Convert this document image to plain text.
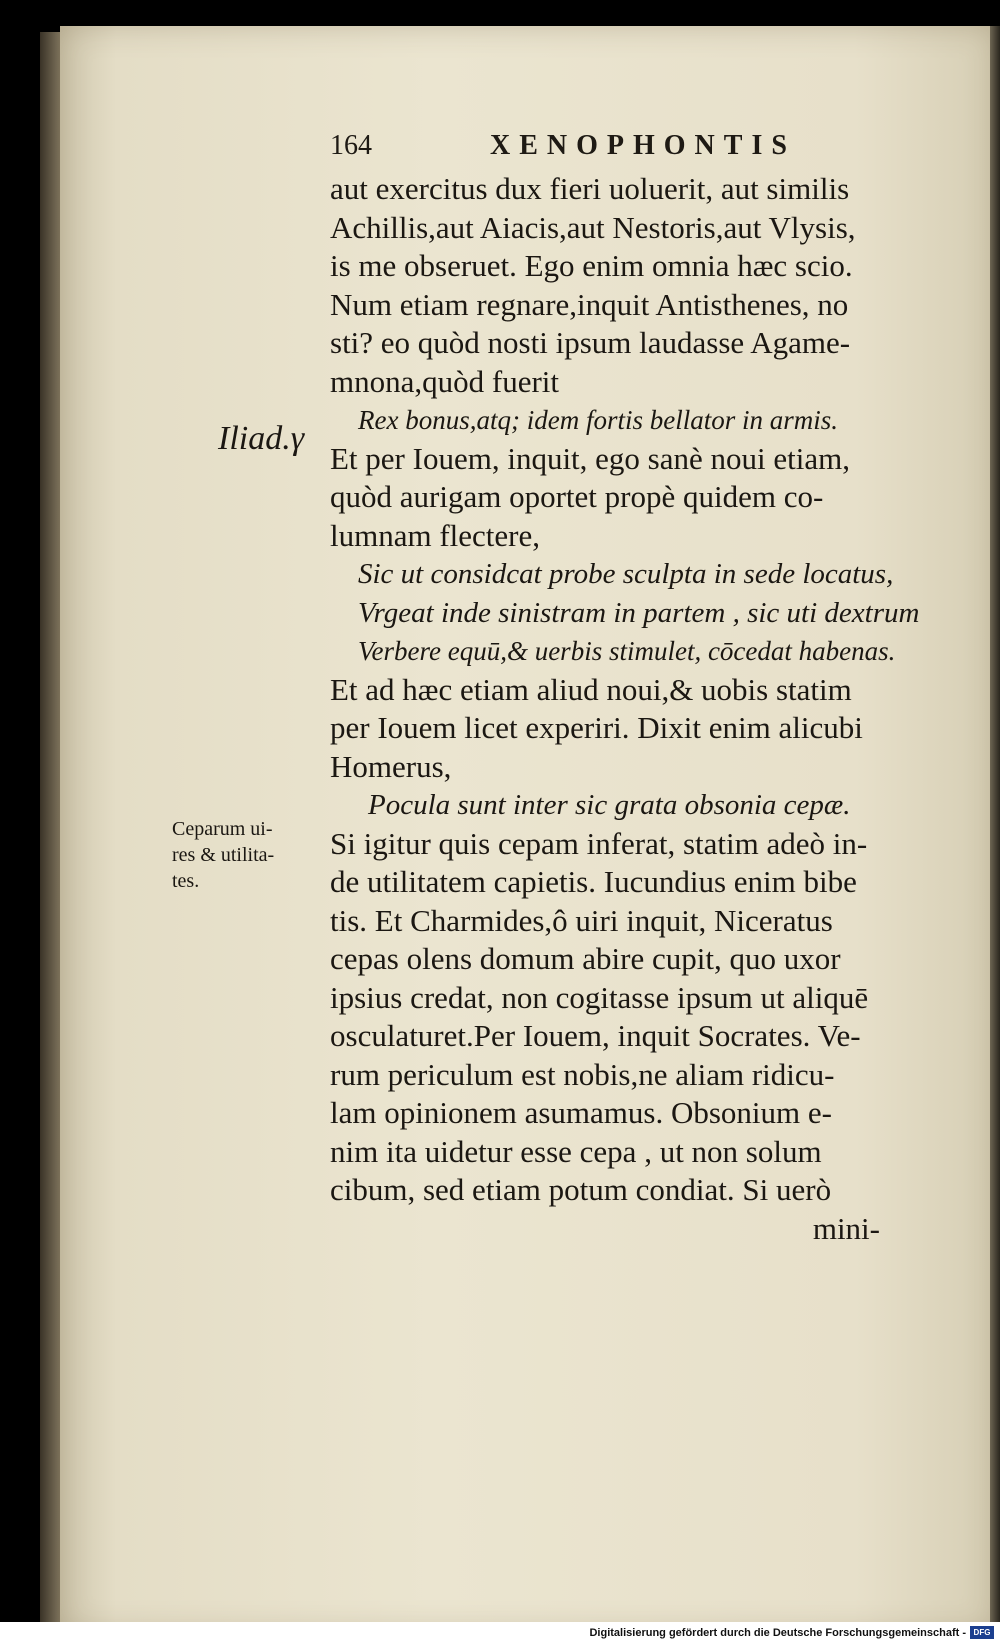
164	XENOPHONTIS
Iliad.γ
Ceparum ui-
res & utilita-
tes.
aut exercitus dux fieri uoluerit, aut similis
Achillis,aut Aiacis,aut Nestoris,aut Vlysis,
is me obseruet. Ego enim omnia hæc scio.
Num etiam regnare,inquit Antisthenes, no
sti? eo quòd nosti ipsum laudasse Agame-
mnona,quòd fuerit
Rex bonus,atq; idem fortis bellator in armis.
Et per Iouem, inquit, ego sanè noui etiam,
quòd aurigam oportet propè quidem co-
lumnam flectere,
Sic ut considcat probe sculpta in sede locatus,
Vrgeat inde sinistram in partem , sic uti dextrum
Verbere equū,& uerbis stimulet, cōcedat habenas.
Et ad hæc etiam aliud noui,& uobis statim
per Iouem licet experiri. Dixit enim alicubi
Homerus,
Pocula sunt inter sic grata obsonia cepæ.
Si igitur quis cepam inferat, statim adeò in-
de utilitatem capietis. Iucundius enim bibe
tis. Et Charmides,ô uiri inquit, Niceratus
cepas olens domum abire cupit, quo uxor
ipsius credat, non cogitasse ipsum ut aliquē
osculaturet.Per Iouem, inquit Socrates. Ve-
rum periculum est nobis,ne aliam ridicu-
lam opinionem asumamus. Obsonium e-
nim ita uidetur esse cepa , ut non solum
cibum, sed etiam potum condiat. Si uerò
mini-
Digitalisierung gefördert durch die Deutsche Forschungsgemeinschaft - DFG
